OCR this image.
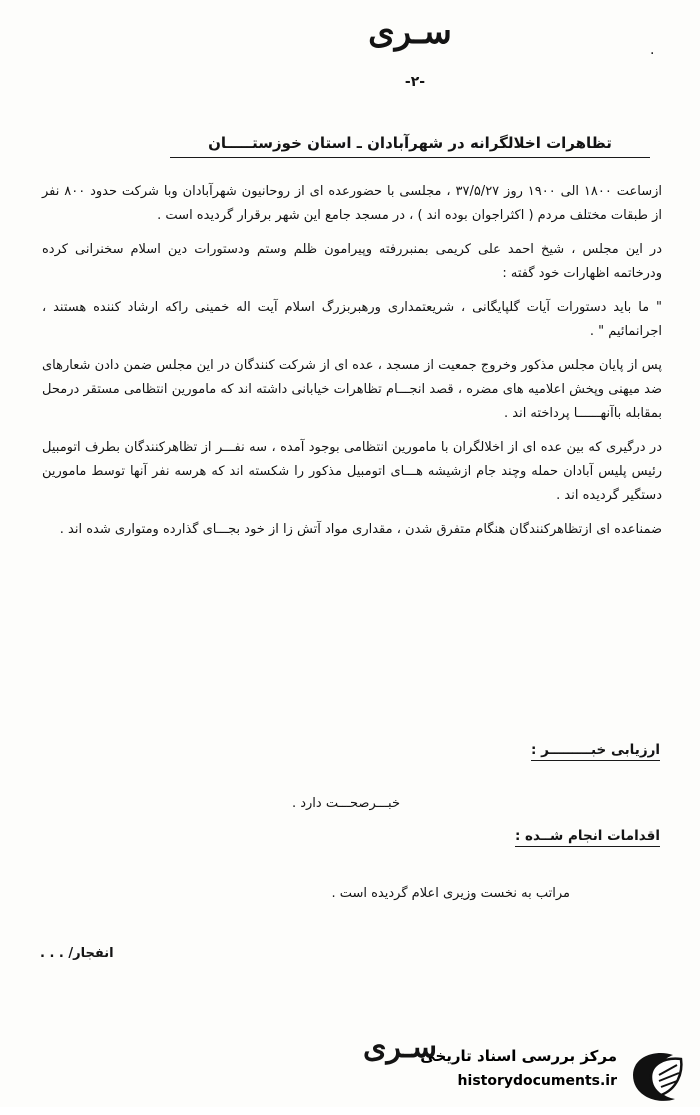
.
سـرى
-۲-
تظاهرات اخلالگرانه در شهرآبادان ـ استان خوزستـــــان

ازساعت ۱۸۰۰ الی ۱۹۰۰ روز ۳۷/۵/۲۷ ، مجلسی با حضورعده ای از روحانیون شهرآبادان وبا شرکت حدود ۸۰۰ نفر از طبقات مختلف مردم ( اکثراجوان بوده اند ) ، در مسجد جامع این شهر برقرار گردیده است .

در این مجلس ، شیخ احمد علی کریمی بمنبررفته وپیرامون ظلم وستم ودستورات دین اسلام سخنرانی کرده ودرخاتمه اظهارات خود گفته :

" ما باید دستورات آیات گلپایگانی ، شریعتمداری ورهبربزرگ اسلام آیت اله خمینی راکه ارشاد کننده هستند ، اجرانمائیم " .

پس از پایان مجلس مذکور وخروج جمعیت از مسجد ، عده ای از شرکت کنندگان در این مجلس ضمن دادن شعارهای ضد میهنی وپخش اعلامیه های مضره ، قصد انجـــام تظاهرات خیابانی داشته اند که مامورین انتظامی مستقر درمحل بمقابله باآنهــــــا پرداخته اند .

در درگیری که بین عده ای از اخلالگران با مامورین انتظامی بوجود آمده ، سه نفـــر از تظاهرکنندگان بطرف اتومبیل رئیس پلیس آبادان حمله وچند جام ازشیشه هـــای اتومبیل مذکور را شکسته اند که هرسه نفر آنها توسط مامورین دستگیر گردیده اند .

ضمناعده ای ازتظاهرکنندگان هنگام متفرق شدن ، مقداری مواد آتش زا از خود بجـــای گذارده ومتواری شده اند .

ارزیابی خبـــــــــر :
خبـــرصحـــت دارد .
اقدامات انجام شــده :
مراتب به نخست وزیری اعلام گردیده است .
انفجار/ . . .
سـرى
مرکز بررسی اسناد تاریخی
historydocuments.ir
